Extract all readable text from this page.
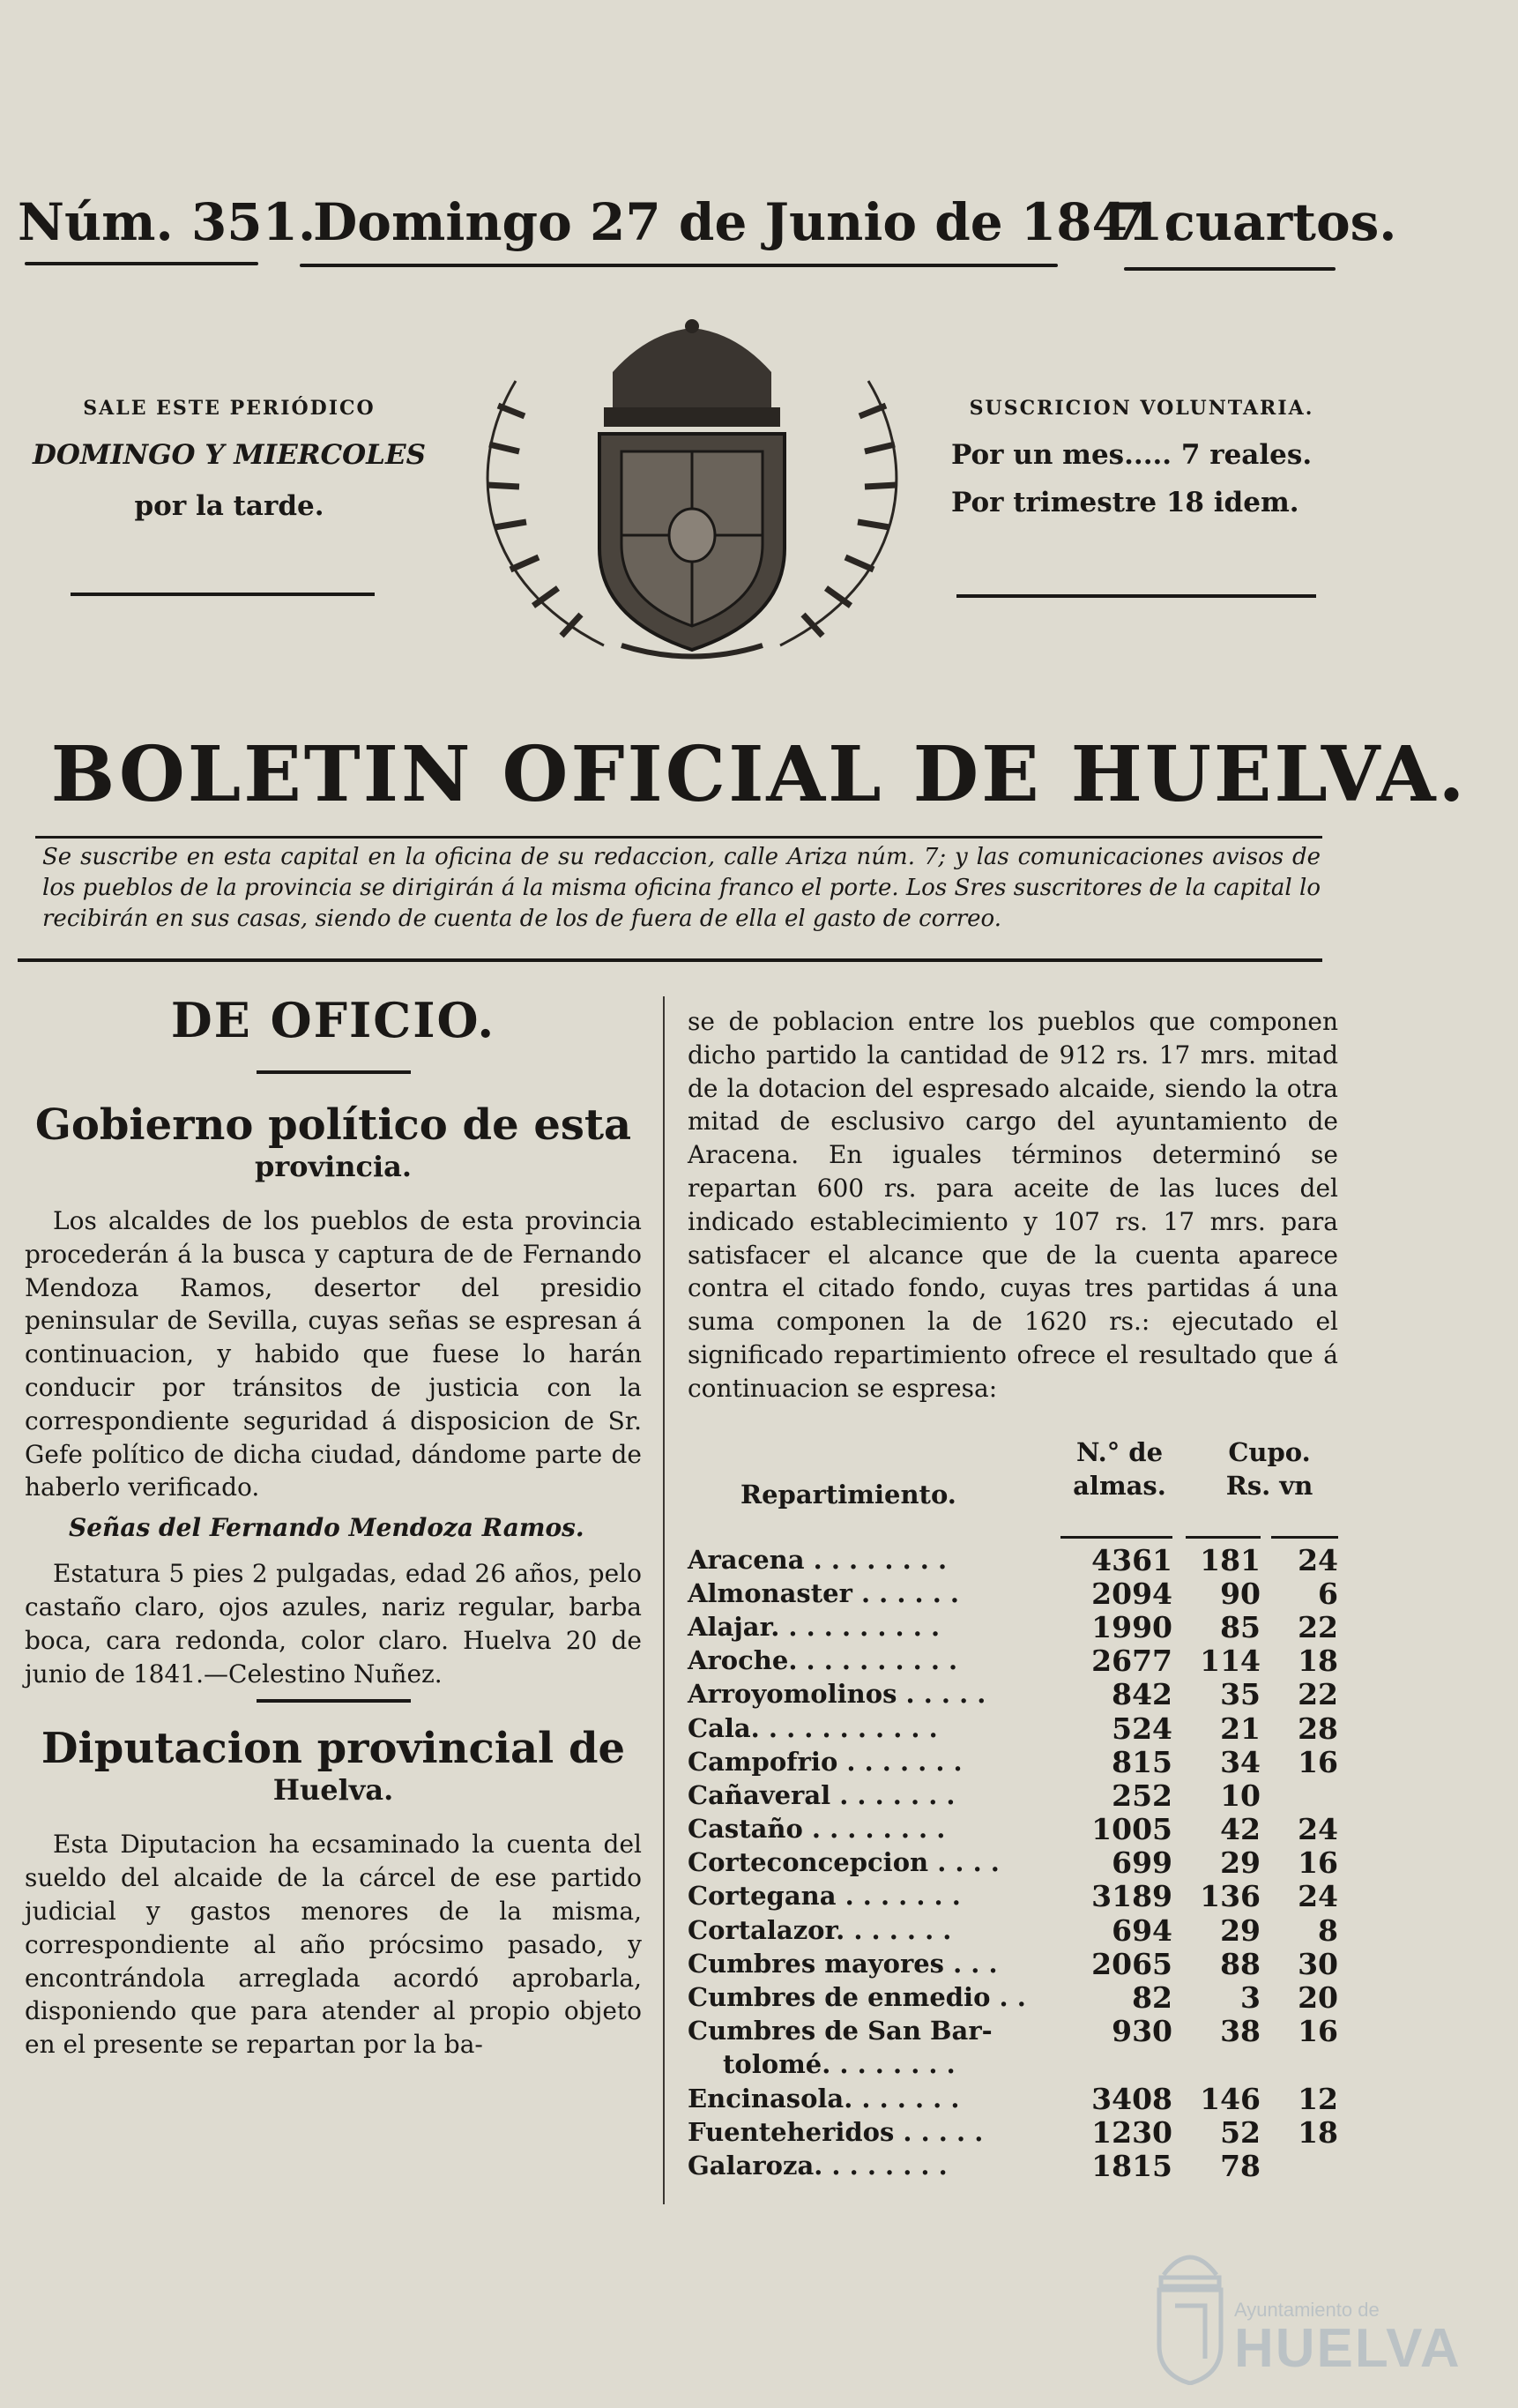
Núm. 351.
Domingo 27 de Junio de 1841.
7 cuartos.
SALE ESTE PERIÓDICO
DOMINGO Y MIERCOLES
por la tarde.
SUSCRICION VOLUNTARIA.
Por un mes..... 7 reales.
Por trimestre 18 idem.
BOLETIN OFICIAL DE HUELVA.
Se suscribe en esta capital en la oficina de su redaccion, calle Ariza núm. 7; y las comunicaciones avisos de los pueblos de la provincia se dirigirán á la misma oficina franco el porte. Los Sres suscritores de la capital lo recibirán en sus casas, siendo de cuenta de los de fuera de ella el gasto de correo.
DE OFICIO.
Gobierno político de esta
provincia.

Los alcaldes de los pueblos de esta provincia procederán á la busca y captura de de Fernando Mendoza Ramos, desertor del presidio peninsular de Sevilla, cuyas señas se espresan á continuacion, y habido que fuese lo harán conducir por tránsitos de justicia con la correspondiente seguridad á disposicion de Sr. Gefe político de dicha ciudad, dándome parte de haberlo verificado.

Señas del Fernando Mendoza Ramos.

Estatura 5 pies 2 pulgadas, edad 26 años, pelo castaño claro, ojos azules, nariz regular, barba boca, cara redonda, color claro. Huelva 20 de junio de 1841.—Celestino Nuñez.

Diputacion provincial de
Huelva.

Esta Diputacion ha ecsaminado la cuenta del sueldo del alcaide de la cárcel de ese partido judicial y gastos menores de la misma, correspondiente al año prócsimo pasado, y encontrándola arreglada acordó aprobarla, disponiendo que para atender al propio objeto en el presente se repartan por la ba-

se de poblacion entre los pueblos que componen dicho partido la cantidad de 912 rs. 17 mrs. mitad de la dotacion del espresado alcaide, siendo la otra mitad de esclusivo cargo del ayuntamiento de Aracena. En iguales términos determinó se repartan 600 rs. para aceite de las luces del indicado establecimiento y 107 rs. 17 mrs. para satisfacer el alcance que de la cuenta aparece contra el citado fondo, cuyas tres partidas á una suma componen la de 1620 rs.: ejecutado el significado repartimiento ofrece el resultado que á continuacion se espresa:

Repartimiento.
N.° de
almas.
Cupo.
Rs. vn
Aracena . . . . . . . .	4361 181	24
Almonaster . . . . . .	2094	90	6
Alajar. . . . . . . . . .	1990	85	22
Aroche. . . . . . . . . .	2677 114	18
Arroyomolinos . . . . .	842	35	22
Cala. . . . . . . . . . .	524	21	28
Campofrio . . . . . . .	815	34	16
Cañaveral . . . . . . .	252	10
Castaño . . . . . . . .	1005	42	24
Corteconcepcion . . . .	699	29	16
Cortegana . . . . . . .	3189 136	24
Cortalazor. . . . . . .	694	29	8
Cumbres mayores . . .	2065	88	30
Cumbres de enmedio . .	82	3	20
Cumbres de San Bar-	930	38	16
tolomé. . . . . . . .
Encinasola. . . . . . .	3408 146	12
Fuenteheridos . . . . .	1230	52	18
Galaroza. . . . . . . .	1815	78
Ayuntamiento de
HUELVA
